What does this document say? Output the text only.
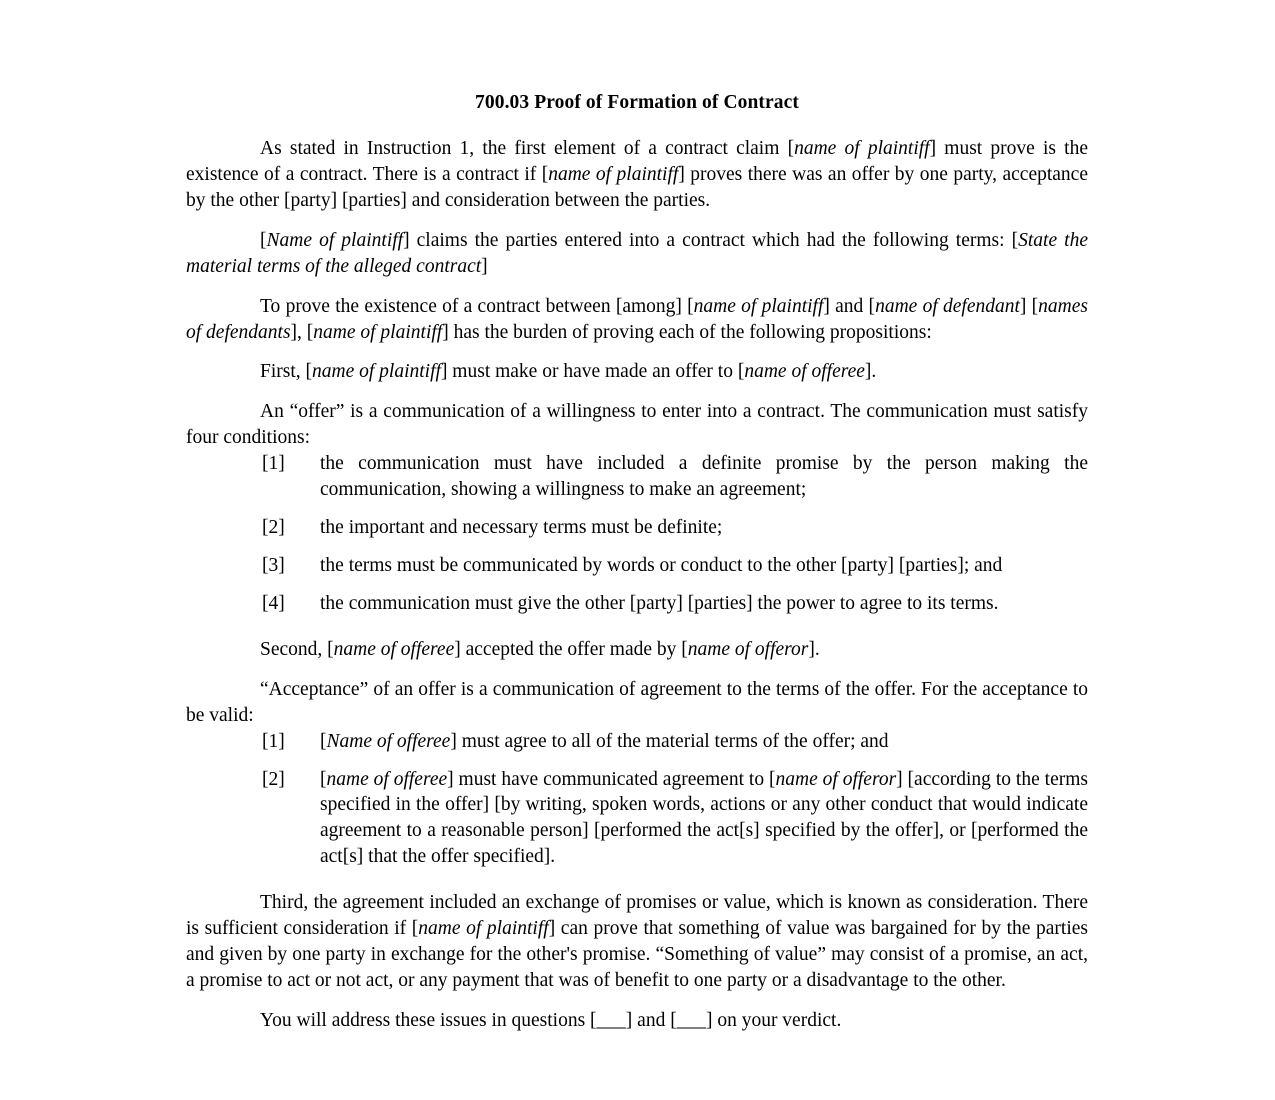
700.03 Proof of Formation of Contract

As stated in Instruction 1, the first element of a contract claim [name of plaintiff] must prove is the existence of a contract. There is a contract if [name of plaintiff] proves there was an offer by one party, acceptance by the other [party] [parties] and consideration between the parties.

[Name of plaintiff] claims the parties entered into a contract which had the following terms: [State the material terms of the alleged contract]

To prove the existence of a contract between [among] [name of plaintiff] and [name of defendant] [names of defendants], [name of plaintiff] has the burden of proving each of the following propositions:

First, [name of plaintiff] must make or have made an offer to [name of offeree].

An “offer” is a communication of a willingness to enter into a contract. The communication must satisfy four conditions:

[1]	the communication must have included a definite promise by the person making the communication, showing a willingness to make an agreement;
[2]	the important and necessary terms must be definite;
[3]	the terms must be communicated by words or conduct to the other [party] [parties]; and
[4]	the communication must give the other [party] [parties] the power to agree to its terms.

Second, [name of offeree] accepted the offer made by [name of offeror].

“Acceptance” of an offer is a communication of agreement to the terms of the offer. For the acceptance to be valid:

[1]	[Name of offeree] must agree to all of the material terms of the offer; and
[2]	[name of offeree] must have communicated agreement to [name of offeror] [according to the terms specified in the offer] [by writing, spoken words, actions or any other conduct that would indicate agreement to a reasonable person] [performed the act[s] specified by the offer], or [performed the act[s] that the offer specified].

Third, the agreement included an exchange of promises or value, which is known as consideration. There is sufficient consideration if [name of plaintiff] can prove that something of value was bargained for by the parties and given by one party in exchange for the other's promise. “Something of value” may consist of a promise, an act, a promise to act or not act, or any payment that was of benefit to one party or a disadvantage to the other.

You will address these issues in questions [___] and [___] on your verdict.
